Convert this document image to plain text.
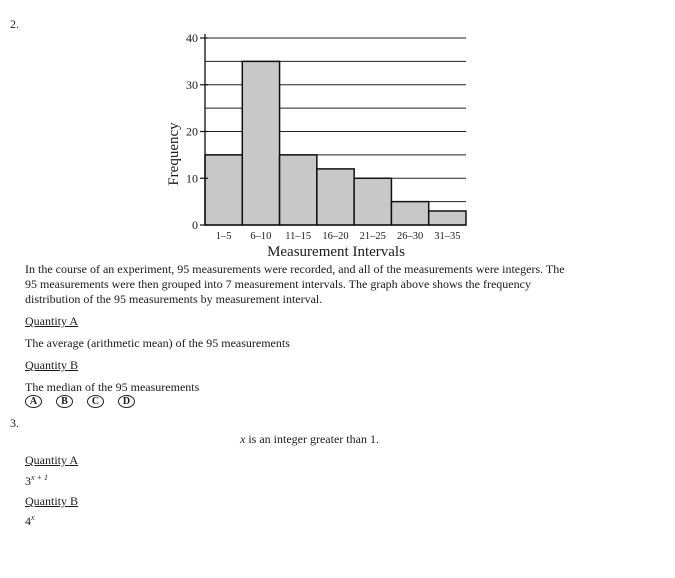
2.
0
10
20
30
40
1–5 6–10 11–15 16–20 21–25 26–30 31–35
Frequency
Measurement Intervals
In the course of an experiment, 95 measurements were recorded, and all of the measurements were integers. The
95 measurements were then grouped into 7 measurement intervals. The graph above shows the frequency
distribution of the 95 measurements by measurement interval.
Quantity A
The average (arithmetic mean) of the 95 measurements
Quantity B
The median of the 95 measurements
A	B	C	D
3.
x is an integer greater than 1.
Quantity A
$3^{x + 1}$
Quantity B
4$^x$
